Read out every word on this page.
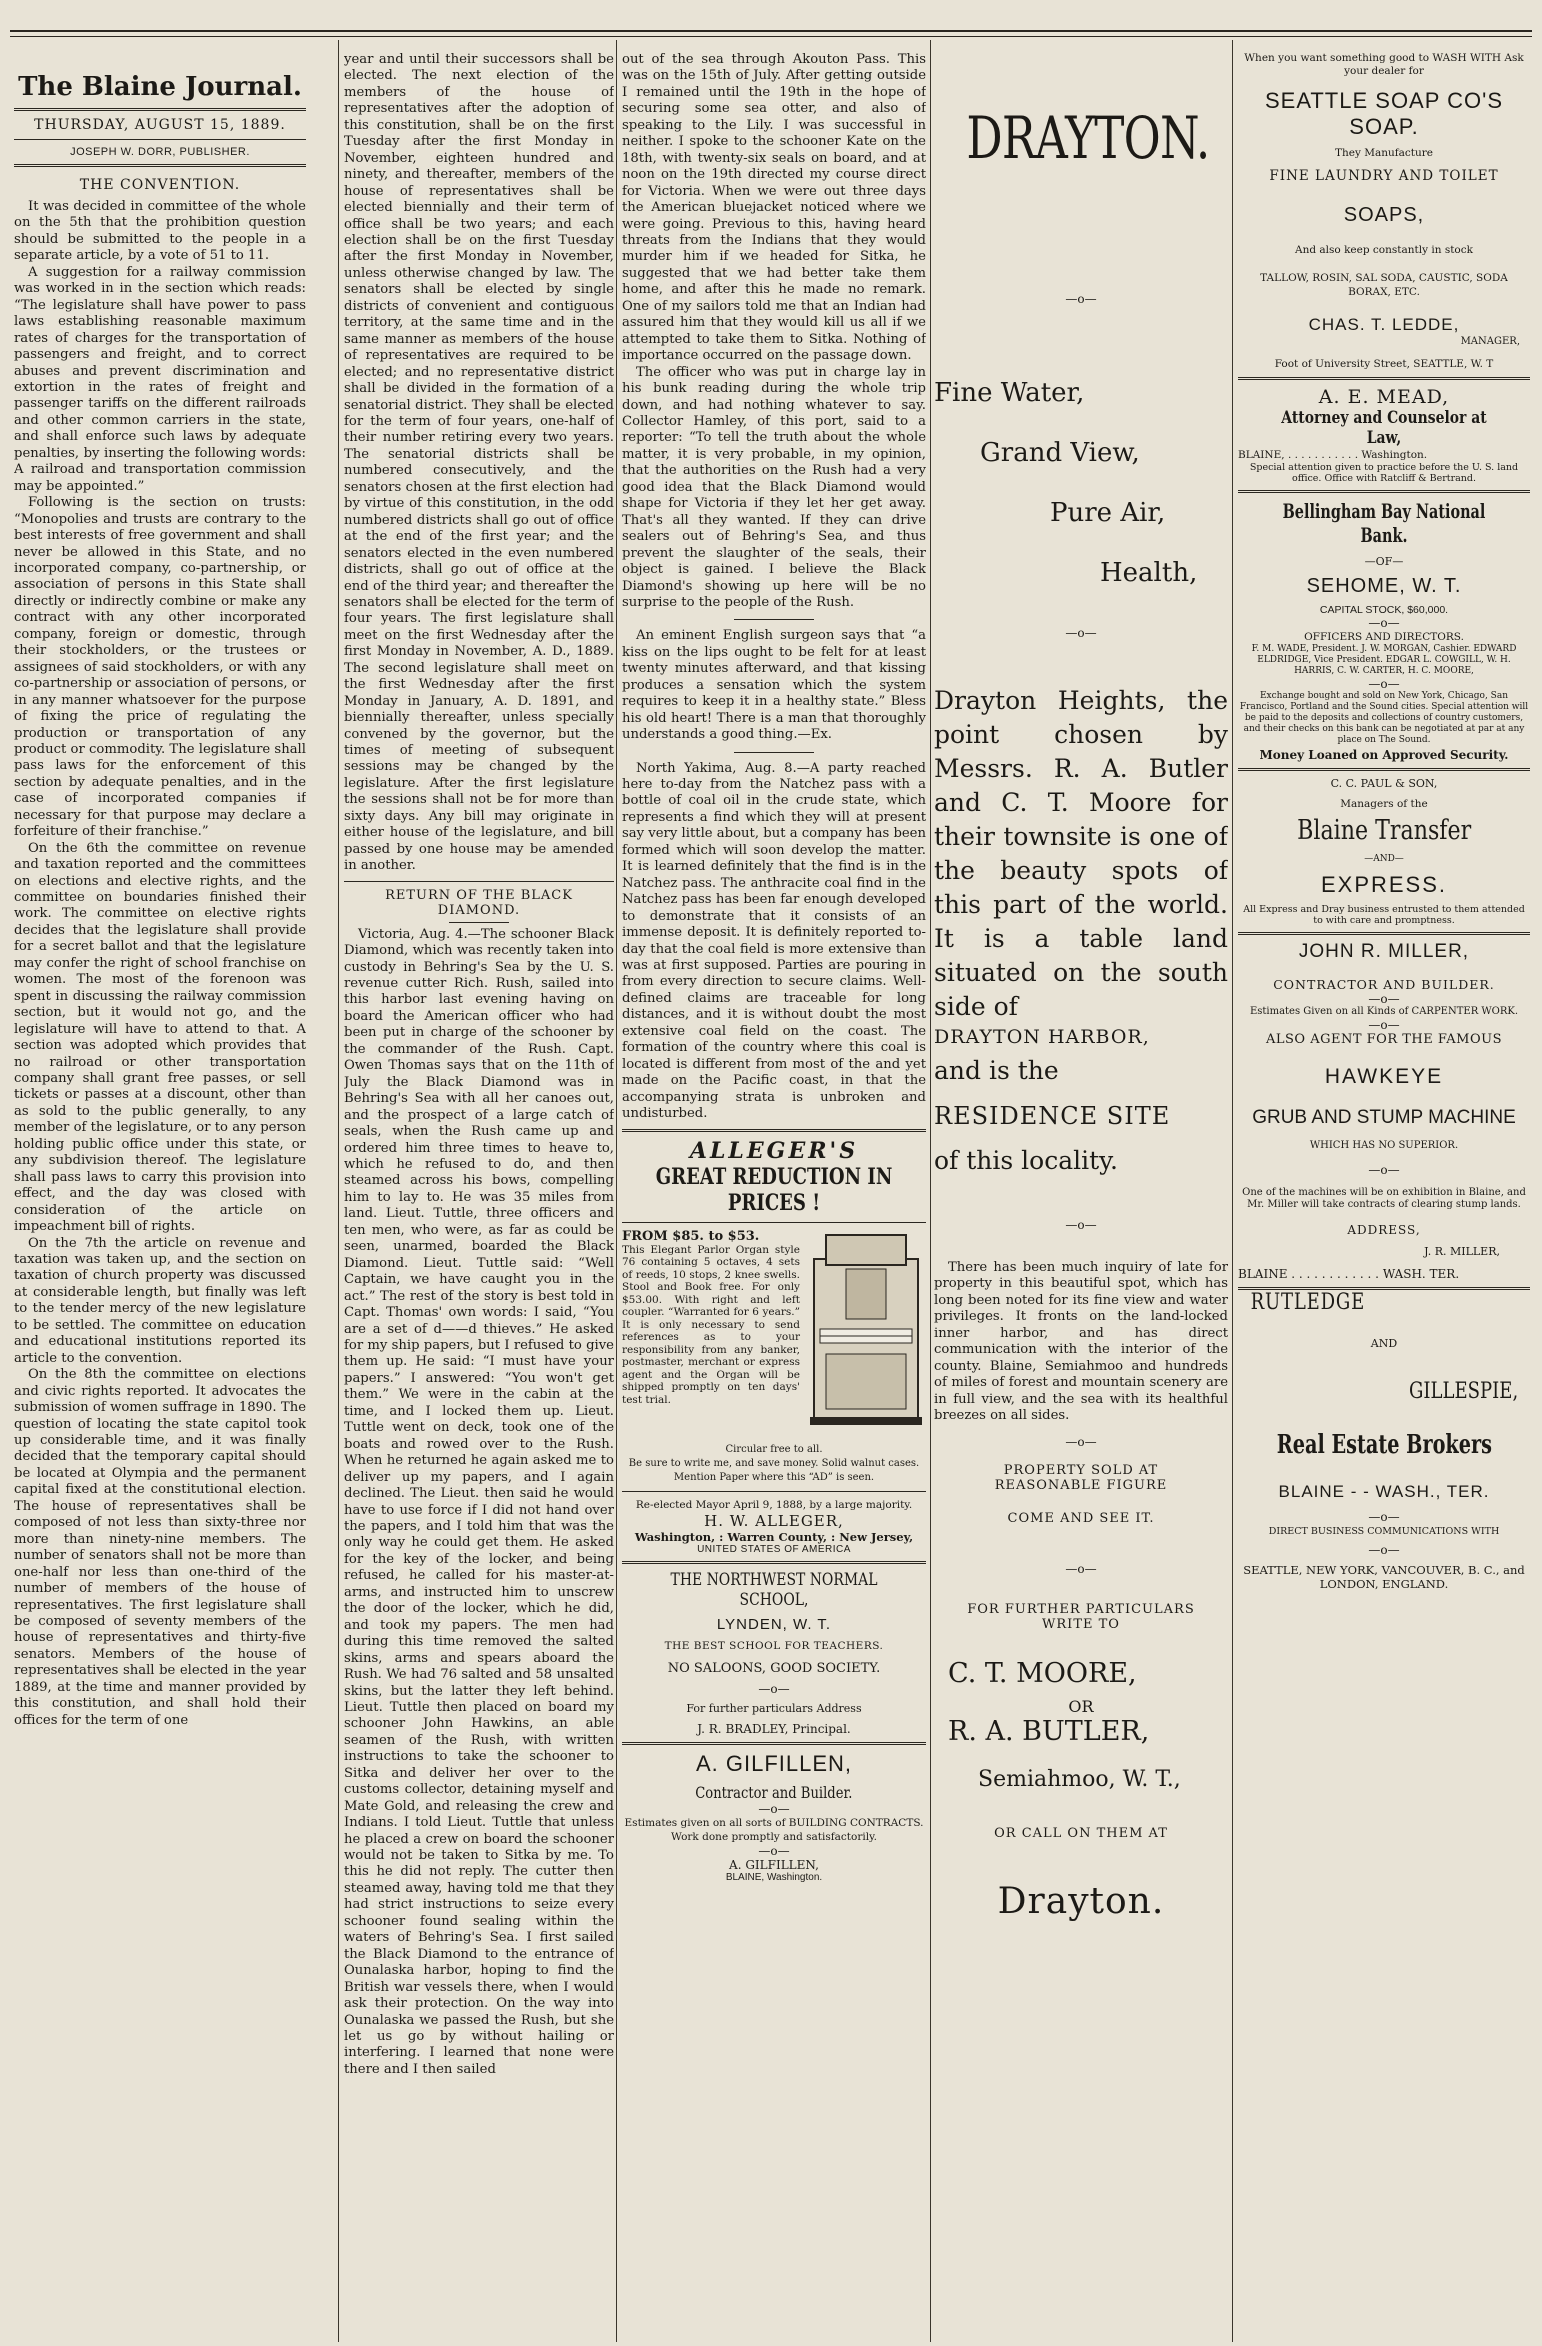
The Blaine Journal.
THURSDAY, AUGUST 15, 1889.
JOSEPH W. DORR, PUBLISHER.
THE CONVENTION.

It was decided in committee of the whole on the 5th that the prohibition question should be submitted to the people in a separate article, by a vote of 51 to 11.

A suggestion for a railway commission was worked in in the section which reads: “The legislature shall have power to pass laws establishing reasonable maximum rates of charges for the transportation of passengers and freight, and to correct abuses and prevent discrimination and extortion in the rates of freight and passenger tariffs on the different railroads and other common carriers in the state, and shall enforce such laws by adequate penalties, by inserting the following words: A railroad and transportation commission may be appointed.”

Following is the section on trusts: “Monopolies and trusts are contrary to the best interests of free government and shall never be allowed in this State, and no incorporated company, co-partnership, or association of persons in this State shall directly or indirectly combine or make any contract with any other incorporated company, foreign or domestic, through their stockholders, or the trustees or assignees of said stockholders, or with any co-partnership or association of persons, or in any manner whatsoever for the purpose of fixing the price of regulating the production or transportation of any product or commodity. The legislature shall pass laws for the enforcement of this section by adequate penalties, and in the case of incorporated companies if necessary for that purpose may declare a forfeiture of their franchise.”

On the 6th the committee on revenue and taxation reported and the committees on elections and elective rights, and the committee on boundaries finished their work. The committee on elective rights decides that the legislature shall provide for a secret ballot and that the legislature may confer the right of school franchise on women. The most of the forenoon was spent in discussing the railway commission section, but it would not go, and the legislature will have to attend to that. A section was adopted which provides that no railroad or other transportation company shall grant free passes, or sell tickets or passes at a discount, other than as sold to the public generally, to any member of the legislature, or to any person holding public office under this state, or any subdivision thereof. The legislature shall pass laws to carry this provision into effect, and the day was closed with consideration of the article on impeachment bill of rights.

On the 7th the article on revenue and taxation was taken up, and the section on taxation of church property was discussed at considerable length, but finally was left to the tender mercy of the new legislature to be settled. The committee on education and educational institutions reported its article to the convention.

On the 8th the committee on elections and civic rights reported. It advocates the submission of women suffrage in 1890. The question of locating the state capitol took up considerable time, and it was finally decided that the temporary capital should be located at Olympia and the permanent capital fixed at the constitutional election. The house of representatives shall be composed of not less than sixty-three nor more than ninety-nine members. The number of senators shall not be more than one-half nor less than one-third of the number of members of the house of representatives. The first legislature shall be composed of seventy members of the house of representatives and thirty-five senators. Members of the house of representatives shall be elected in the year 1889, at the time and manner provided by this constitution, and shall hold their offices for the term of one

year and until their successors shall be elected. The next election of the members of the house of representatives after the adoption of this constitution, shall be on the first Tuesday after the first Monday in November, eighteen hundred and ninety, and thereafter, members of the house of representatives shall be elected biennially and their term of office shall be two years; and each election shall be on the first Tuesday after the first Monday in November, unless otherwise changed by law. The senators shall be elected by single districts of convenient and contiguous territory, at the same time and in the same manner as members of the house of representatives are required to be elected; and no representative district shall be divided in the formation of a senatorial district. They shall be elected for the term of four years, one-half of their number retiring every two years. The senatorial districts shall be numbered consecutively, and the senators chosen at the first election had by virtue of this constitution, in the odd numbered districts shall go out of office at the end of the first year; and the senators elected in the even numbered districts, shall go out of office at the end of the third year; and thereafter the senators shall be elected for the term of four years. The first legislature shall meet on the first Wednesday after the first Monday in November, A. D., 1889. The second legislature shall meet on the first Wednesday after the first Monday in January, A. D. 1891, and biennially thereafter, unless specially convened by the governor, but the times of meeting of subsequent sessions may be changed by the legislature. After the first legislature the sessions shall not be for more than sixty days. Any bill may originate in either house of the legislature, and bill passed by one house may be amended in another.

RETURN OF THE BLACK DIAMOND.

Victoria, Aug. 4.—The schooner Black Diamond, which was recently taken into custody in Behring's Sea by the U. S. revenue cutter Rich. Rush, sailed into this harbor last evening having on board the American officer who had been put in charge of the schooner by the commander of the Rush. Capt. Owen Thomas says that on the 11th of July the Black Diamond was in Behring's Sea with all her canoes out, and the prospect of a large catch of seals, when the Rush came up and ordered him three times to heave to, which he refused to do, and then steamed across his bows, compelling him to lay to. He was 35 miles from land. Lieut. Tuttle, three officers and ten men, who were, as far as could be seen, unarmed, boarded the Black Diamond. Lieut. Tuttle said: “Well Captain, we have caught you in the act.” The rest of the story is best told in Capt. Thomas' own words: I said, “You are a set of d——d thieves.” He asked for my ship papers, but I refused to give them up. He said: “I must have your papers.” I answered: “You won't get them.” We were in the cabin at the time, and I locked them up. Lieut. Tuttle went on deck, took one of the boats and rowed over to the Rush. When he returned he again asked me to deliver up my papers, and I again declined. The Lieut. then said he would have to use force if I did not hand over the papers, and I told him that was the only way he could get them. He asked for the key of the locker, and being refused, he called for his master-at-arms, and instructed him to unscrew the door of the locker, which he did, and took my papers. The men had during this time removed the salted skins, arms and spears aboard the Rush. We had 76 salted and 58 unsalted skins, but the latter they left behind. Lieut. Tuttle then placed on board my schooner John Hawkins, an able seamen of the Rush, with written instructions to take the schooner to Sitka and deliver her over to the customs collector, detaining myself and Mate Gold, and releasing the crew and Indians. I told Lieut. Tuttle that unless he placed a crew on board the schooner would not be taken to Sitka by me. To this he did not reply. The cutter then steamed away, having told me that they had strict instructions to seize every schooner found sealing within the waters of Behring's Sea. I first sailed the Black Diamond to the entrance of Ounalaska harbor, hoping to find the British war vessels there, when I would ask their protection. On the way into Ounalaska we passed the Rush, but she let us go by without hailing or interfering. I learned that none were there and I then sailed

out of the sea through Akouton Pass. This was on the 15th of July. After getting outside I remained until the 19th in the hope of securing some sea otter, and also of speaking to the Lily. I was successful in neither. I spoke to the schooner Kate on the 18th, with twenty-six seals on board, and at noon on the 19th directed my course direct for Victoria. When we were out three days the American bluejacket noticed where we were going. Previous to this, having heard threats from the Indians that they would murder him if we headed for Sitka, he suggested that we had better take them home, and after this he made no remark. One of my sailors told me that an Indian had assured him that they would kill us all if we attempted to take them to Sitka. Nothing of importance occurred on the passage down.

The officer who was put in charge lay in his bunk reading during the whole trip down, and had nothing whatever to say. Collector Hamley, of this port, said to a reporter: “To tell the truth about the whole matter, it is very probable, in my opinion, that the authorities on the Rush had a very good idea that the Black Diamond would shape for Victoria if they let her get away. That's all they wanted. If they can drive sealers out of Behring's Sea, and thus prevent the slaughter of the seals, their object is gained. I believe the Black Diamond's showing up here will be no surprise to the people of the Rush.

An eminent English surgeon says that “a kiss on the lips ought to be felt for at least twenty minutes afterward, and that kissing produces a sensation which the system requires to keep it in a healthy state.” Bless his old heart! There is a man that thoroughly understands a good thing.—Ex.

North Yakima, Aug. 8.—A party reached here to-day from the Natchez pass with a bottle of coal oil in the crude state, which represents a find which they will at present say very little about, but a company has been formed which will soon develop the matter. It is learned definitely that the find is in the Natchez pass. The anthracite coal find in the Natchez pass has been far enough developed to demonstrate that it consists of an immense deposit. It is definitely reported to-day that the coal field is more extensive than was at first supposed. Parties are pouring in from every direction to secure claims. Well-defined claims are traceable for long distances, and it is without doubt the most extensive coal field on the coast. The formation of the country where this coal is located is different from most of the and yet made on the Pacific coast, in that the accompanying strata is unbroken and undisturbed.

ALLEGER'S
GREAT REDUCTION IN PRICES !
FROM $85. to $53.

This Elegant Parlor Organ style 76 containing 5 octaves, 4 sets of reeds, 10 stops, 2 knee swells. Stool and Book free. For only $53.00. With right and left coupler. “Warranted for 6 years.” It is only necessary to send references as to your responsibility from any banker, postmaster, merchant or express agent and the Organ will be shipped promptly on ten days' test trial.

Circular free to all.
Be sure to write me, and save money. Solid walnut cases.
Mention Paper where this “AD” is seen.
Re-elected Mayor April 9, 1888, by a large majority.
H. W. ALLEGER,
Washington, : Warren County, : New Jersey,
UNITED STATES OF AMERICA
THE NORTHWEST NORMAL SCHOOL,
LYNDEN, W. T.
THE BEST SCHOOL FOR TEACHERS.
NO SALOONS, GOOD SOCIETY.
—o—
For further particulars Address
J. R. BRADLEY, Principal.
A. GILFILLEN,
Contractor and Builder.
—o—
Estimates given on all sorts of BUILDING CONTRACTS. Work done promptly and satisfactorily.
—o—
A. GILFILLEN,
BLAINE, Washington.
DRAYTON.
—o—
Fine Water,
Grand View,
Pure Air,
Health,
—o—

Drayton Heights, the point chosen by Messrs. R. A. Butler and C. T. Moore for their townsite is one of the beauty spots of this part of the world. It is a table land situated on the south side of

DRAYTON HARBOR,
and is the
RESIDENCE SITE
of this locality.
—o—

There has been much inquiry of late for property in this beautiful spot, which has long been noted for its fine view and water privileges. It fronts on the land-locked inner harbor, and has direct communication with the interior of the county. Blaine, Semiahmoo and hundreds of miles of forest and mountain scenery are in full view, and the sea with its healthful breezes on all sides.

—o—
PROPERTY SOLD AT REASONABLE FIGURE
COME AND SEE IT.
—o—
FOR FURTHER PARTICULARS WRITE TO
C. T. MOORE,
OR
R. A. BUTLER,
Semiahmoo, W. T.,
OR CALL ON THEM AT
Drayton.
When you want something good to WASH WITH Ask your dealer for
SEATTLE SOAP CO'S SOAP.
They Manufacture
FINE LAUNDRY AND TOILET
SOAPS,
And also keep constantly in stock
TALLOW, ROSIN, SAL SODA, CAUSTIC, SODA BORAX, ETC.
CHAS. T. LEDDE,
MANAGER,
Foot of University Street, SEATTLE, W. T
A. E. MEAD,
Attorney and Counselor at Law,
BLAINE, . . . . . . . . . . . Washington.
Special attention given to practice before the U. S. land office. Office with Ratcliff & Bertrand.
Bellingham Bay National Bank.
—OF—
SEHOME, W. T.
CAPITAL STOCK, $60,000.
—o—
OFFICERS AND DIRECTORS.
F. M. WADE, President. J. W. MORGAN, Cashier. EDWARD ELDRIDGE, Vice President. EDGAR L. COWGILL, W. H. HARRIS, C. W. CARTER, H. C. MOORE,
—o—
Exchange bought and sold on New York, Chicago, San Francisco, Portland and the Sound cities. Special attention will be paid to the deposits and collections of country customers, and their checks on this bank can be negotiated at par at any place on The Sound.
Money Loaned on Approved Security.
C. C. PAUL & SON,
Managers of the
Blaine Transfer
—AND—
EXPRESS.
All Express and Dray business entrusted to them attended to with care and promptness.
JOHN R. MILLER,
CONTRACTOR AND BUILDER.
—o—
Estimates Given on all Kinds of CARPENTER WORK.
—o—
ALSO AGENT FOR THE FAMOUS
HAWKEYE
GRUB AND STUMP MACHINE
WHICH HAS NO SUPERIOR.
—o—
One of the machines will be on exhibition in Blaine, and Mr. Miller will take contracts of clearing stump lands.
ADDRESS,
J. R. MILLER,
BLAINE . . . . . . . . . . . . WASH. TER.
RUTLEDGE
AND
GILLESPIE,
Real Estate Brokers
BLAINE - - WASH., TER.
—o—
DIRECT BUSINESS COMMUNICATIONS WITH
—o—
SEATTLE, NEW YORK, VANCOUVER, B. C., and LONDON, ENGLAND.
